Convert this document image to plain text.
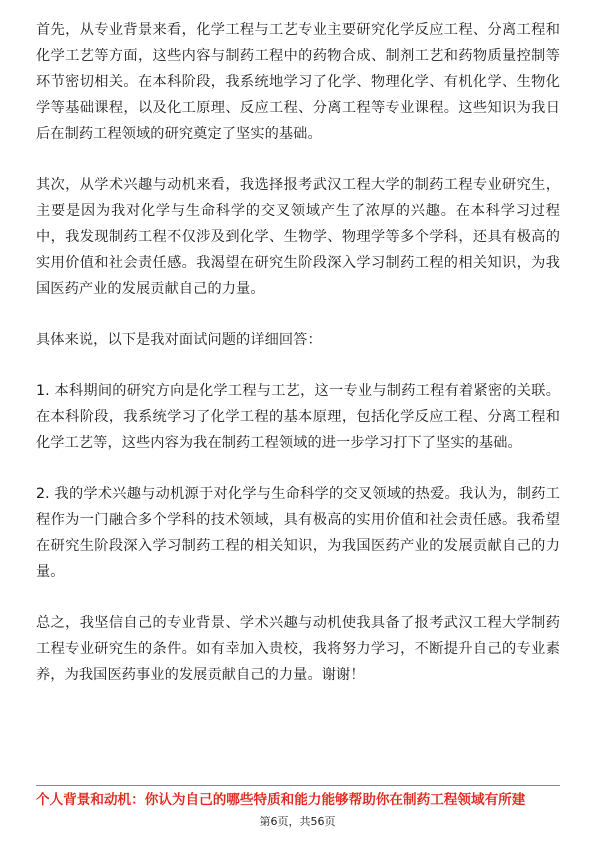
首先，从专业背景来看，化学工程与工艺专业主要研究化学反应工程、分离工程和化学工艺等方面，这些内容与制药工程中的药物合成、制剂工艺和药物质量控制等环节密切相关。在本科阶段，我系统地学习了化学、物理化学、有机化学、生物化学等基础课程，以及化工原理、反应工程、分离工程等专业课程。这些知识为我日后在制药工程领域的研究奠定了坚实的基础。

其次，从学术兴趣与动机来看，我选择报考武汉工程大学的制药工程专业研究生，主要是因为我对化学与生命科学的交叉领域产生了浓厚的兴趣。在本科学习过程中，我发现制药工程不仅涉及到化学、生物学、物理学等多个学科，还具有极高的实用价值和社会责任感。我渴望在研究生阶段深入学习制药工程的相关知识，为我国医药产业的发展贡献自己的力量。

具体来说，以下是我对面试问题的详细回答：

1. 本科期间的研究方向是化学工程与工艺，这一专业与制药工程有着紧密的关联。在本科阶段，我系统学习了化学工程的基本原理，包括化学反应工程、分离工程和化学工艺等，这些内容为我在制药工程领域的进一步学习打下了坚实的基础。

2. 我的学术兴趣与动机源于对化学与生命科学的交叉领域的热爱。我认为，制药工程作为一门融合多个学科的技术领域，具有极高的实用价值和社会责任感。我希望在研究生阶段深入学习制药工程的相关知识，为我国医药产业的发展贡献自己的力量。

总之，我坚信自己的专业背景、学术兴趣与动机使我具备了报考武汉工程大学制药工程专业研究生的条件。如有幸加入贵校，我将努力学习，不断提升自己的专业素养，为我国医药事业的发展贡献自己的力量。谢谢！

个人背景和动机：你认为自己的哪些特质和能力能够帮助你在制药工程领域有所建
第6页，共56页
